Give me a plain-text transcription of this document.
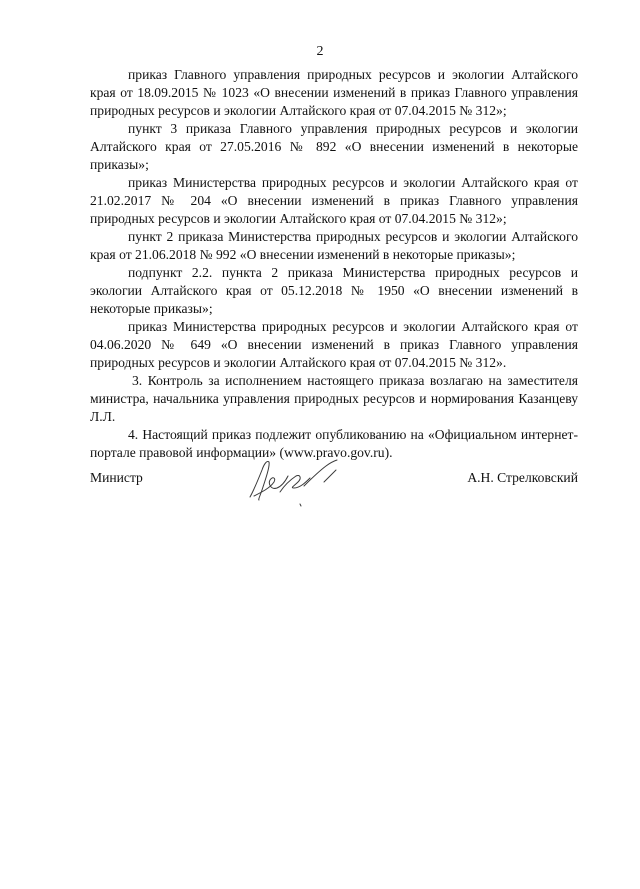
2

приказ Главного управления природных ресурсов и экологии Алтайского края от 18.09.2015 № 1023 «О внесении изменений в приказ Главного управления природных ресурсов и экологии Алтайского края от 07.04.2015 № 312»;

пункт 3 приказа Главного управления природных ресурсов и экологии Алтайского края от 27.05.2016 № 892 «О внесении изменений в некоторые приказы»;

приказ Министерства природных ресурсов и экологии Алтайского края от 21.02.2017 № 204 «О внесении изменений в приказ Главного управления природных ресурсов и экологии Алтайского края от 07.04.2015 № 312»;

пункт 2 приказа Министерства природных ресурсов и экологии Алтайского края от 21.06.2018 № 992 «О внесении изменений в некоторые приказы»;

подпункт 2.2. пункта 2 приказа Министерства природных ресурсов и экологии Алтайского края от 05.12.2018 № 1950 «О внесении изменений в некоторые приказы»;

приказ Министерства природных ресурсов и экологии Алтайского края от 04.06.2020 № 649 «О внесении изменений в приказ Главного управления природных ресурсов и экологии Алтайского края от 07.04.2015 № 312».

3. Контроль за исполнением настоящего приказа возлагаю на заместителя министра, начальника управления природных ресурсов и нормирования Казанцеву Л.Л.

4. Настоящий приказ подлежит опубликованию на «Официальном интернет-портале правовой информации» (www.pravo.gov.ru).

Министр	А.Н. Стрелковский
